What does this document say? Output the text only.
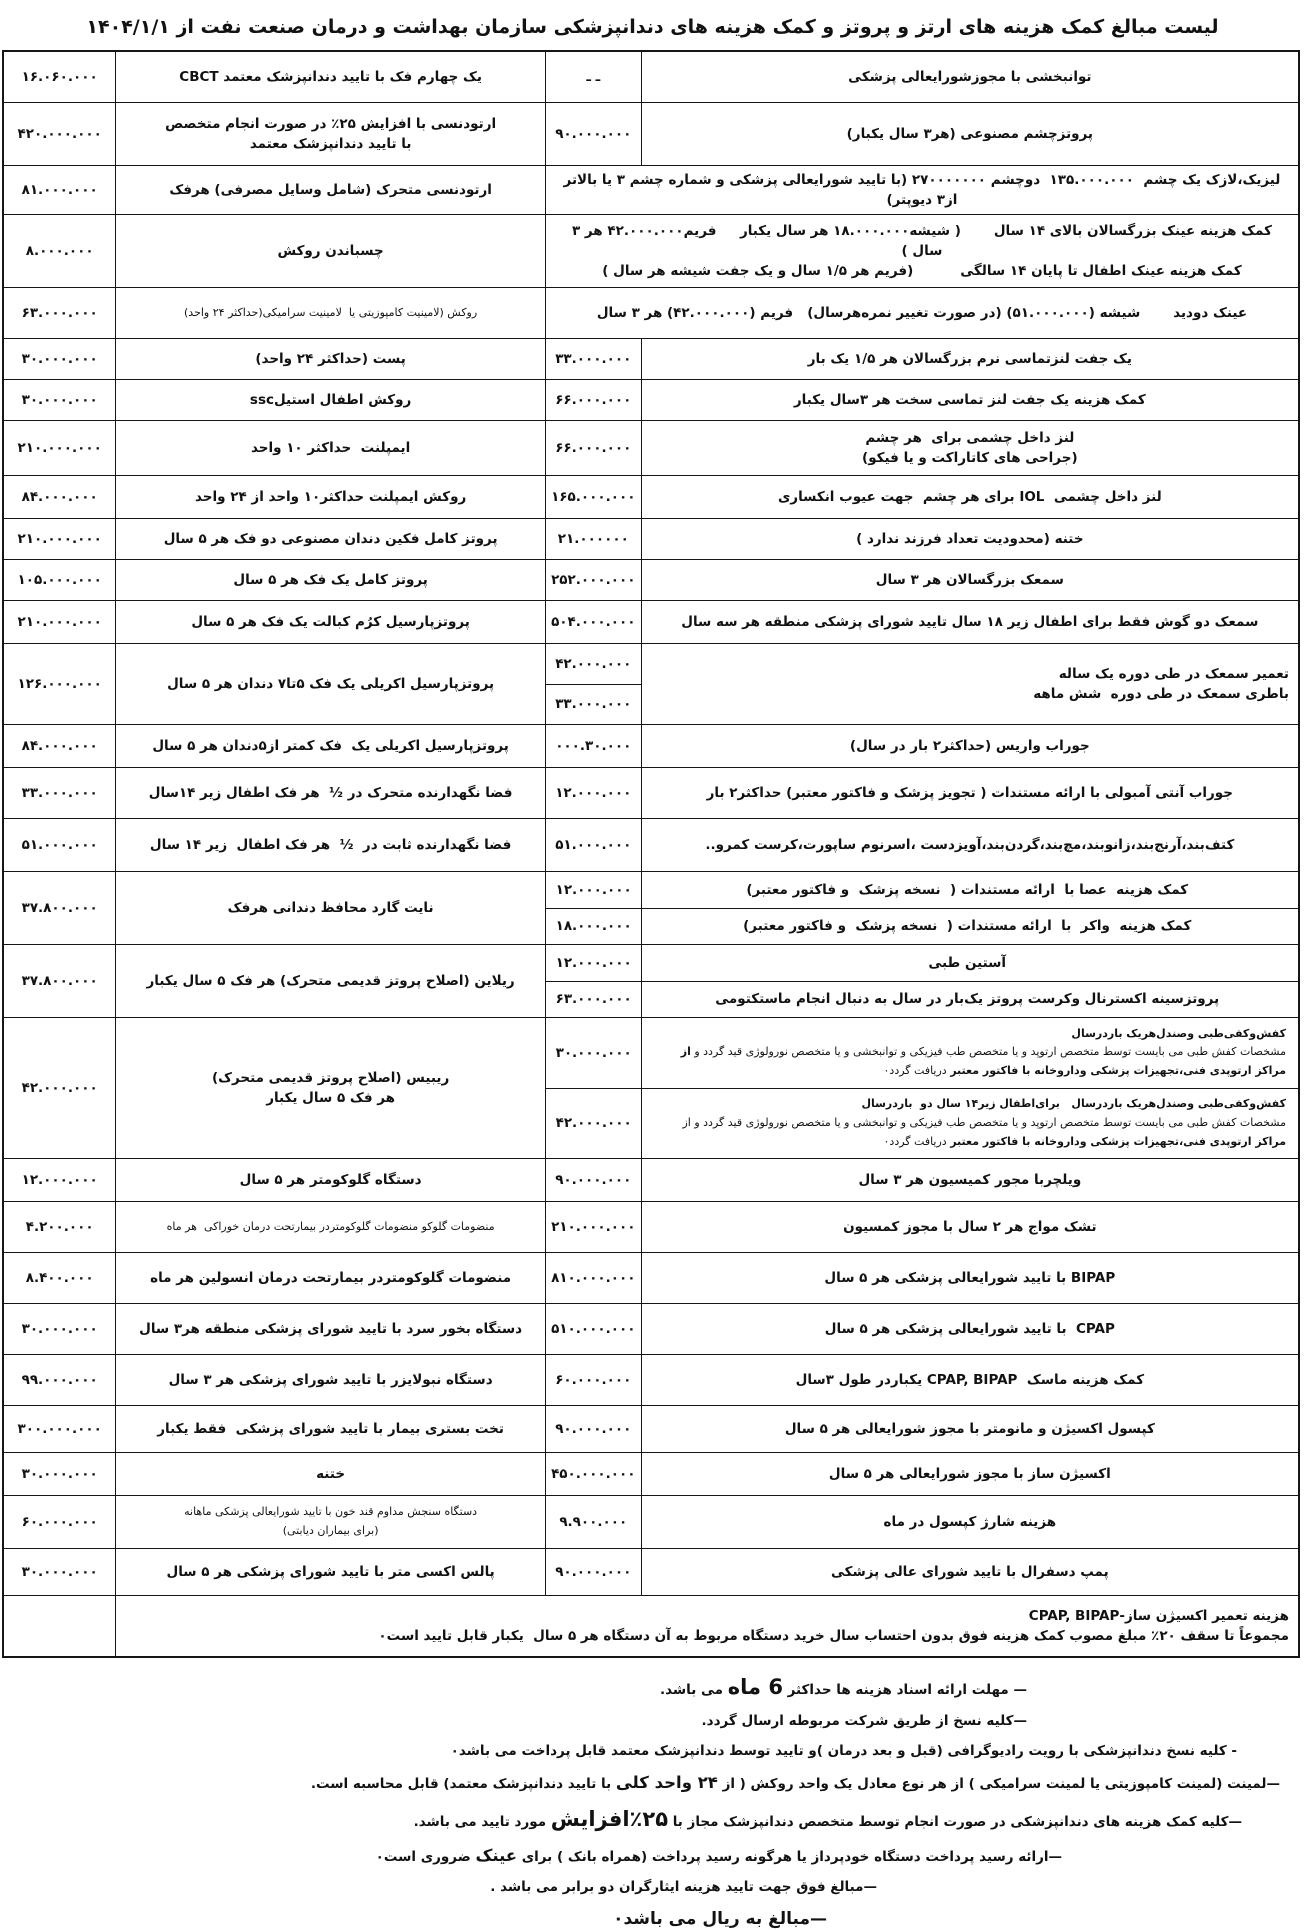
لیست مبالغ کمک هزینه های ارتز و پروتز و کمک هزینه های دندانپزشکی سازمان بهداشت و درمان صنعت نفت از ۱۴۰۴/۱/۱
توانبخشی با مجوزشورایعالی پزشکی
ـ ـ
یک چهارم فک با تایید دندانپزشک معتمد CBCT
۱۶.۰۶۰.۰۰۰
پروتزچشم مصنوعی (هر۳ سال یکبار)
۹۰.۰۰۰.۰۰۰
ارتودنسی با افزایش ۲۵٪ در صورت انجام متخصص
با تایید دندانپزشک معتمد
۴۲۰.۰۰۰.۰۰۰
لیزیک،لازک یک چشم  ۱۳۵.۰۰۰.۰۰۰  دوچشم ۲۷۰۰۰۰۰۰۰ (با تایید شورایعالی پزشکی و شماره چشم ۳ یا بالاتر از۳ دیوپتر)
ارتودنسی متحرک (شامل وسایل مصرفی) هرفک
۸۱.۰۰۰.۰۰۰
کمک هزینه عینک بزرگسالان بالای ۱۴ سال       ( شیشه۱۸.۰۰۰.۰۰۰ هر سال یکبار     فریم۴۲.۰۰۰.۰۰۰ هر ۳ سال )
کمک هزینه عینک اطفال تا پایان ۱۴ سالگی          (فریم هر ۱/۵ سال و یک جفت شیشه هر سال )
چسباندن روکش
۸.۰۰۰.۰۰۰
عینک دودید       شیشه (۵۱.۰۰۰.۰۰۰) (در صورت تغییر نمره‌هرسال)   فریم (۴۲.۰۰۰.۰۰۰) هر ۳ سال
روکش (لامینیت کامپوزیتی یا  لامینیت سرامیکی(حداکثر ۲۴ واحد)
۶۳.۰۰۰.۰۰۰
یک جفت لنزتماسی نرم بزرگسالان هر ۱/۵ یک بار
۳۳.۰۰۰.۰۰۰
پست (حداکثر ۲۴ واحد)
۳۰.۰۰۰.۰۰۰
کمک هزینه یک جفت لنز تماسی سخت هر ۳سال یکبار
۶۶.۰۰۰.۰۰۰
روکش اطفال استیلssc
۳۰.۰۰۰.۰۰۰
لنز داخل چشمی برای  هر چشم
(جراحی های کاتاراکت و یا فیکو)
۶۶.۰۰۰.۰۰۰
ایمپلنت  حداکثر ۱۰ واحد
۲۱۰.۰۰۰.۰۰۰
لنز داخل چشمی  IOL برای هر چشم  جهت عیوب انکساری
۱۶۵.۰۰۰.۰۰۰
روکش ایمپلنت حداکثر۱۰ واحد از ۲۴ واحد
۸۴.۰۰۰.۰۰۰
ختنه (محدودیت تعداد فرزند ندارد )
۲۱.۰۰۰۰۰۰
پروتز کامل فکین دندان مصنوعی دو فک هر ۵ سال
۲۱۰.۰۰۰.۰۰۰
سمعک بزرگسالان هر ۳ سال
۲۵۲.۰۰۰.۰۰۰
پروتز کامل یک فک هر ۵ سال
۱۰۵.۰۰۰.۰۰۰
سمعک دو گوش فقط برای اطفال زیر ۱۸ سال تایید شورای پزشکی منطقه هر سه سال
۵۰۴.۰۰۰.۰۰۰
پروتزپارسیل کرُم کبالت یک فک هر ۵ سال
۲۱۰.۰۰۰.۰۰۰
تعمیر سمعک در طی دوره یک ساله
باطری سمعک در طی دوره  شش ماهه
۴۲.۰۰۰.۰۰۰
۳۳.۰۰۰.۰۰۰
پروتزپارسیل اکریلی یک فک ۵تا۷ دندان هر ۵ سال
۱۲۶.۰۰۰.۰۰۰
جوراب واریس (حداکثر۲ بار در سال)
۰۰۰.۳۰.۰۰۰
پروتزپارسیل اکریلی یک  فک کمتر از۵دندان هر ۵ سال
۸۴.۰۰۰.۰۰۰
جوراب آنتی آمبولی با ارائه مستندات ( تجویز پزشک و فاکتور معتبر) حداکثر۲ بار
۱۲.۰۰۰.۰۰۰
فضا نگهدارنده متحرک در ½  هر فک اطفال زیر ۱۴سال
۳۳.۰۰۰.۰۰۰
کتف‌بند،آرنج‌بند،زانوبند،مچ‌بند،گردن‌بند،آویزدست ،اسرنوم ساپورت،کرست کمرو..
۵۱.۰۰۰.۰۰۰
فضا نگهدارنده ثابت در  ½  هر فک اطفال  زیر ۱۴ سال
۵۱.۰۰۰.۰۰۰
کمک هزینه  عصا با  ارائه مستندات (  نسخه پزشک  و فاکتور معتبر)
۱۲.۰۰۰.۰۰۰
کمک هزینه  واکر  با  ارائه مستندات (  نسخه پزشک  و فاکتور معتبر)
۱۸.۰۰۰.۰۰۰
نایت گارد محافظ دندانی هرفک
۳۷.۸۰۰.۰۰۰
آستین طبی
۱۲.۰۰۰.۰۰۰
پروتزسینه اکسترنال وکرست پروتز یک‌بار در سال به دنبال انجام ماستکتومی
۶۳.۰۰۰.۰۰۰
ریلاین (اصلاح پروتز قدیمی متحرک) هر فک ۵ سال یکبار
۳۷.۸۰۰.۰۰۰
کفش‌وکفی‌طبی وصندل‌هریک باردرسال
مشخصات کفش طبی می بایست توسط متخصص ارتوپد و یا متخصص طب فیزیکی و توانبخشی و یا متخصص نورولوژی قید گردد و از
مراکز ارتوپدی فنی،تجهیزات پزشکی وداروخانه با فاکتور معتبر دریافت گردد۰
۳۰.۰۰۰.۰۰۰
کفش‌وکفی‌طبی وصندل‌هریک باردرسال   برای‌اطفال زیر۱۴ سال دو  باردرسال
مشخصات کفش طبی می بایست توسط متخصص ارتوپد و یا متخصص طب فیزیکی و توانبخشی و یا متخصص نورولوژی قید گردد و از
مراکز ارتوپدی فنی،تجهیزات پزشکی وداروخانه با فاکتور معتبر دریافت گردد۰
۴۲.۰۰۰.۰۰۰
ریبیس (اصلاح پروتز قدیمی متحرک)
هر فک ۵ سال یکبار
۴۲.۰۰۰.۰۰۰
ویلچربا مجور کمیسیون هر ۳ سال
۹۰.۰۰۰.۰۰۰
دستگاه گلوکومتر هر ۵ سال
۱۲.۰۰۰.۰۰۰
تشک مواج هر ۲ سال با مجوز کمسیون
۲۱۰.۰۰۰.۰۰۰
منضومات گلوکو منضومات گلوکومتردر بیمارتحت درمان خوراکی  هر ماه
۴.۲۰۰.۰۰۰
BIPAP با تایید شورایعالی پزشکی هر ۵ سال
۸۱۰.۰۰۰.۰۰۰
منضومات گلوکومتردر بیمارتحت درمان انسولین هر ماه
۸.۴۰۰.۰۰۰
CPAP  با تایید شورایعالی پزشکی هر ۵ سال
۵۱۰.۰۰۰.۰۰۰
دستگاه بخور سرد با تایید شورای پزشکی منطقه هر۳ سال
۳۰.۰۰۰.۰۰۰
کمک هزینه ماسک  CPAP, BIPAP یکباردر طول ۳سال
۶۰.۰۰۰.۰۰۰
دستگاه نبولایزر با تایید شورای پزشکی هر ۳ سال
۹۹.۰۰۰.۰۰۰
کپسول اکسیژن و مانومتر با مجوز شورایعالی هر ۵ سال
۹۰.۰۰۰.۰۰۰
تخت بستری بیمار با تایید شورای پزشکی  فقط یکبار
۳۰۰.۰۰۰.۰۰۰
اکسیژن ساز با مجوز شورایعالی هر ۵ سال
۴۵۰.۰۰۰.۰۰۰
ختنه
۳۰.۰۰۰.۰۰۰
هزینه شارژ کپسول در ماه
۹.۹۰۰.۰۰۰
دستگاه سنجش مداوم قند خون با تایید شورایعالی پزشکی ماهانه
(برای بیماران دیابتی)
۶۰.۰۰۰.۰۰۰
پمپ دسفرال با تایید شورای عالی پزشکی
۹۰.۰۰۰.۰۰۰
پالس اکسی متر با تایید شورای پزشکی هر ۵ سال
۳۰.۰۰۰.۰۰۰
هزینه تعمیر اکسیژن ساز-CPAP, BIPAP
مجموعاً تا سقف ۲۰٪ مبلغ مصوب کمک هزینه فوق بدون احتساب سال خرید دستگاه مربوط به آن دستگاه هر ۵ سال  یکبار قابل تایید است۰
— مهلت ارائه اسناد هزینه ها حداکثر 6 ماه می باشد.
—کلیه نسخ از طریق شرکت مربوطه ارسال گردد.
- کلیه نسخ دندانپزشکی با رویت رادیوگرافی (قبل و بعد درمان )و تایید توسط دندانپزشک معتمد قابل پرداخت می باشد۰
—لمینت (لمینت کامپوزیتی یا لمینت سرامیکی ) از هر نوع معادل یک واحد روکش ( از ۲۴ واحد کلی با تایید دندانپزشک معتمد) قابل محاسبه است.
—کلیه کمک هزینه های دندانپزشکی در صورت انجام توسط متخصص دندانپزشک مجاز با ۲۵٪افزایش مورد تایید می باشد.
—ارائه رسید پرداخت دستگاه خودپرداز یا هرگونه رسید پرداخت (همراه بانک ) برای عینک ضروری است۰
—مبالغ فوق جهت تایید هزینه ایثارگران دو برابر می باشد .
—مبالغ به ریال می باشد۰
